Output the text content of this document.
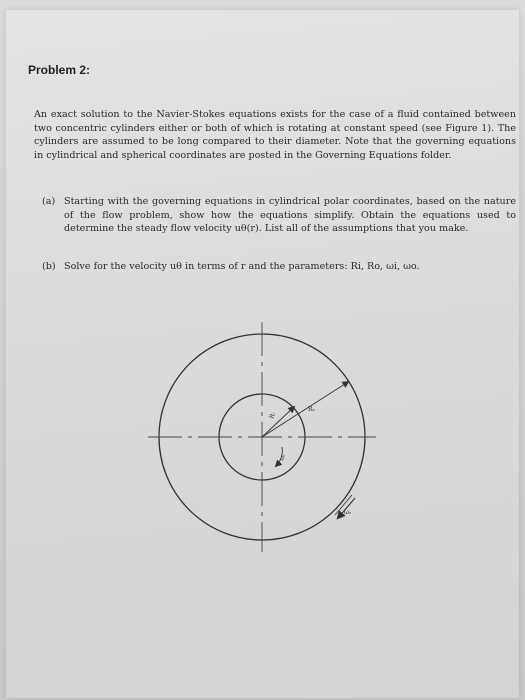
Problem 2:

An exact solution to the Navier-Stokes equations exists for the case of a fluid contained between two concentric cylinders either or both of which is rotating at constant speed (see Figure 1). The cylinders are assumed to be long compared to their diameter. Note that the governing equations in cylindrical and spherical coordinates are posted in the Governing Equations folder.

(a) Starting with the governing equations in cylindrical polar coordinates, based on the nature of the flow problem, show how the equations simplify. Obtain the equations used to determine the steady flow velocity uθ(r). List all of the assumptions that you make.
(b) Solve for the velocity uθ in terms of r and the parameters: Ri, Ro, ωi, ωo.
Rₒ
Rᵢ
ωᵢ
ωₒ
